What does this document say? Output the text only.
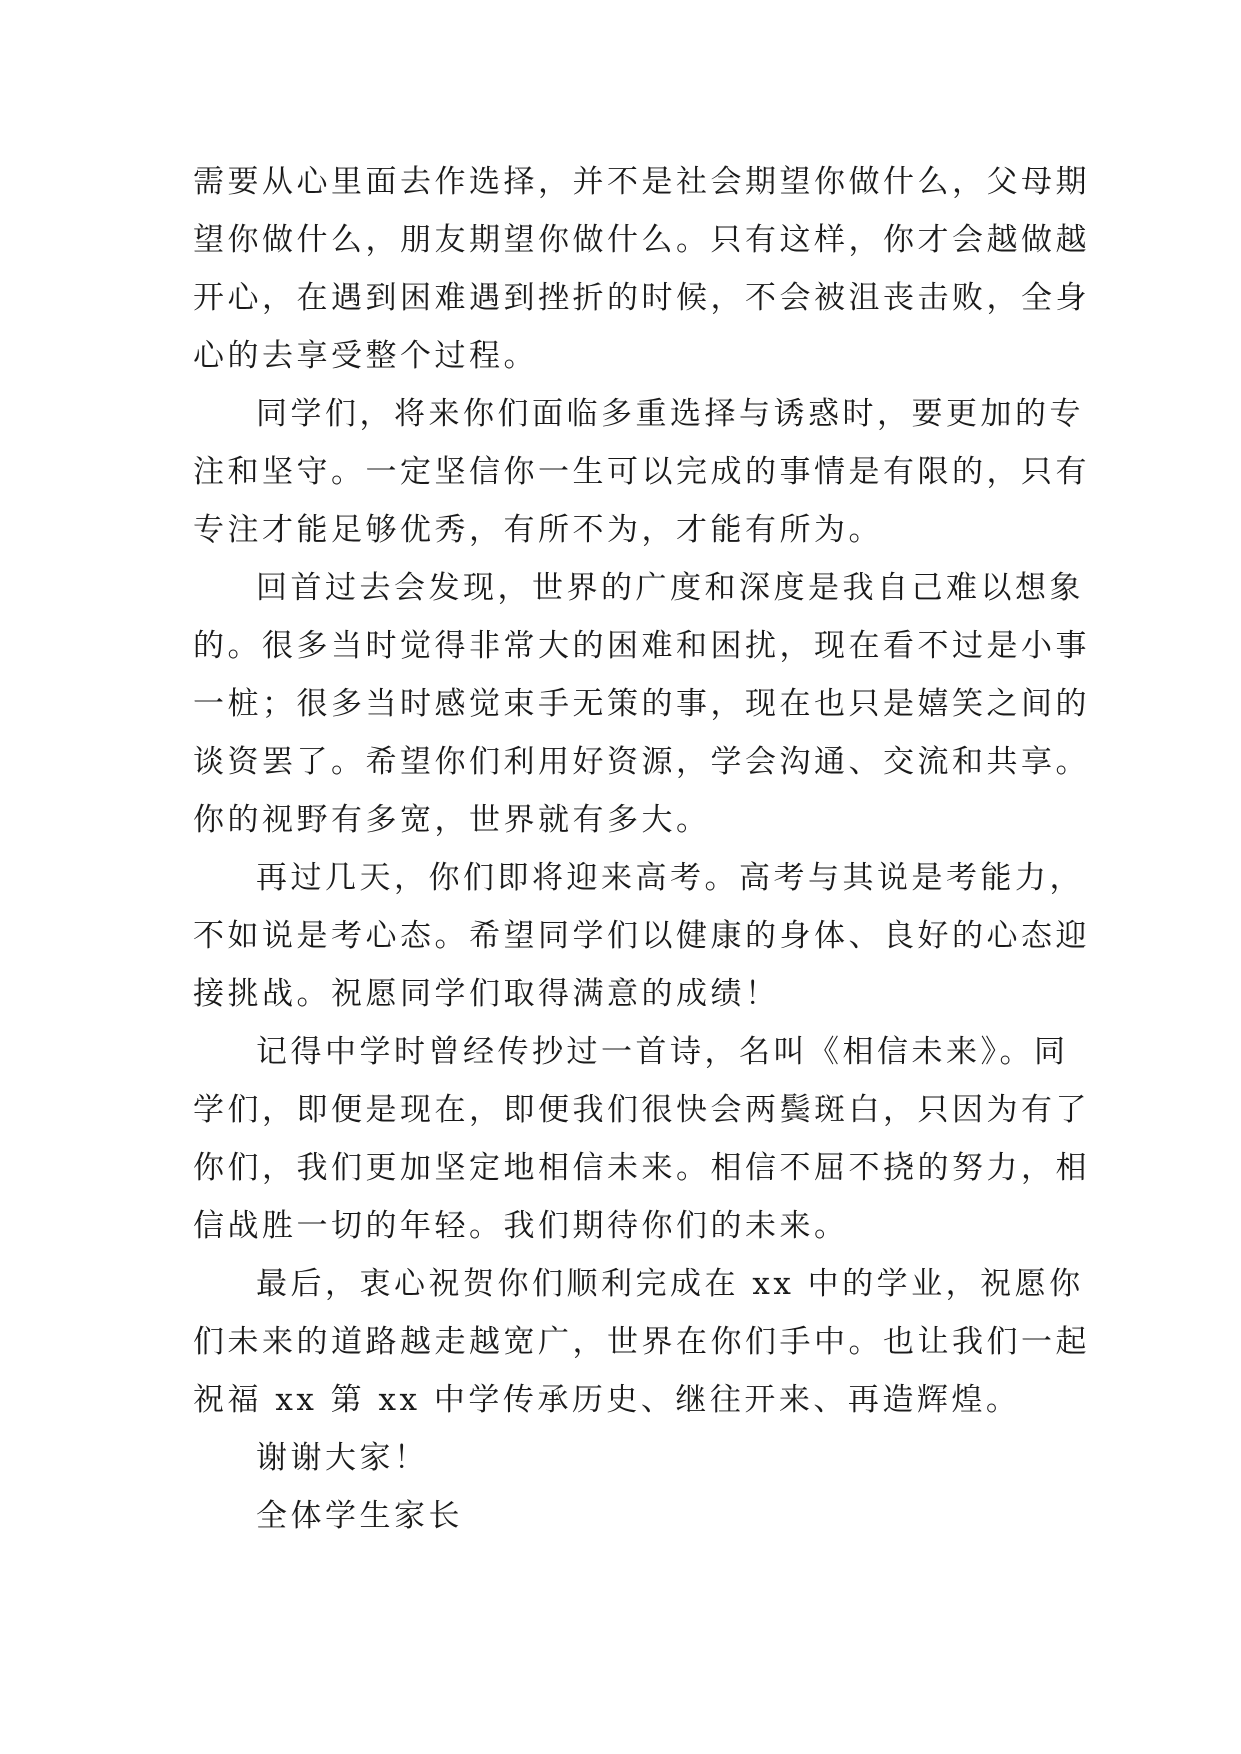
需要从心里面去作选择，并不是社会期望你做什么，父母期
望你做什么，朋友期望你做什么。只有这样，你才会越做越
开心，在遇到困难遇到挫折的时候，不会被沮丧击败，全身
心的去享受整个过程。
同学们，将来你们面临多重选择与诱惑时，要更加的专
注和坚守。一定坚信你一生可以完成的事情是有限的，只有
专注才能足够优秀，有所不为，才能有所为。
回首过去会发现，世界的广度和深度是我自己难以想象
的。很多当时觉得非常大的困难和困扰，现在看不过是小事
一桩；很多当时感觉束手无策的事，现在也只是嬉笑之间的
谈资罢了。希望你们利用好资源，学会沟通、交流和共享。
你的视野有多宽，世界就有多大。
再过几天，你们即将迎来高考。高考与其说是考能力，
不如说是考心态。希望同学们以健康的身体、良好的心态迎
接挑战。祝愿同学们取得满意的成绩！
记得中学时曾经传抄过一首诗，名叫《相信未来》。同
学们，即便是现在，即便我们很快会两鬓斑白，只因为有了
你们，我们更加坚定地相信未来。相信不屈不挠的努力，相
信战胜一切的年轻。我们期待你们的未来。
最后，衷心祝贺你们顺利完成在 xx 中的学业，祝愿你
们未来的道路越走越宽广，世界在你们手中。也让我们一起
祝福 xx 第 xx 中学传承历史、继往开来、再造辉煌。
谢谢大家！
全体学生家长
